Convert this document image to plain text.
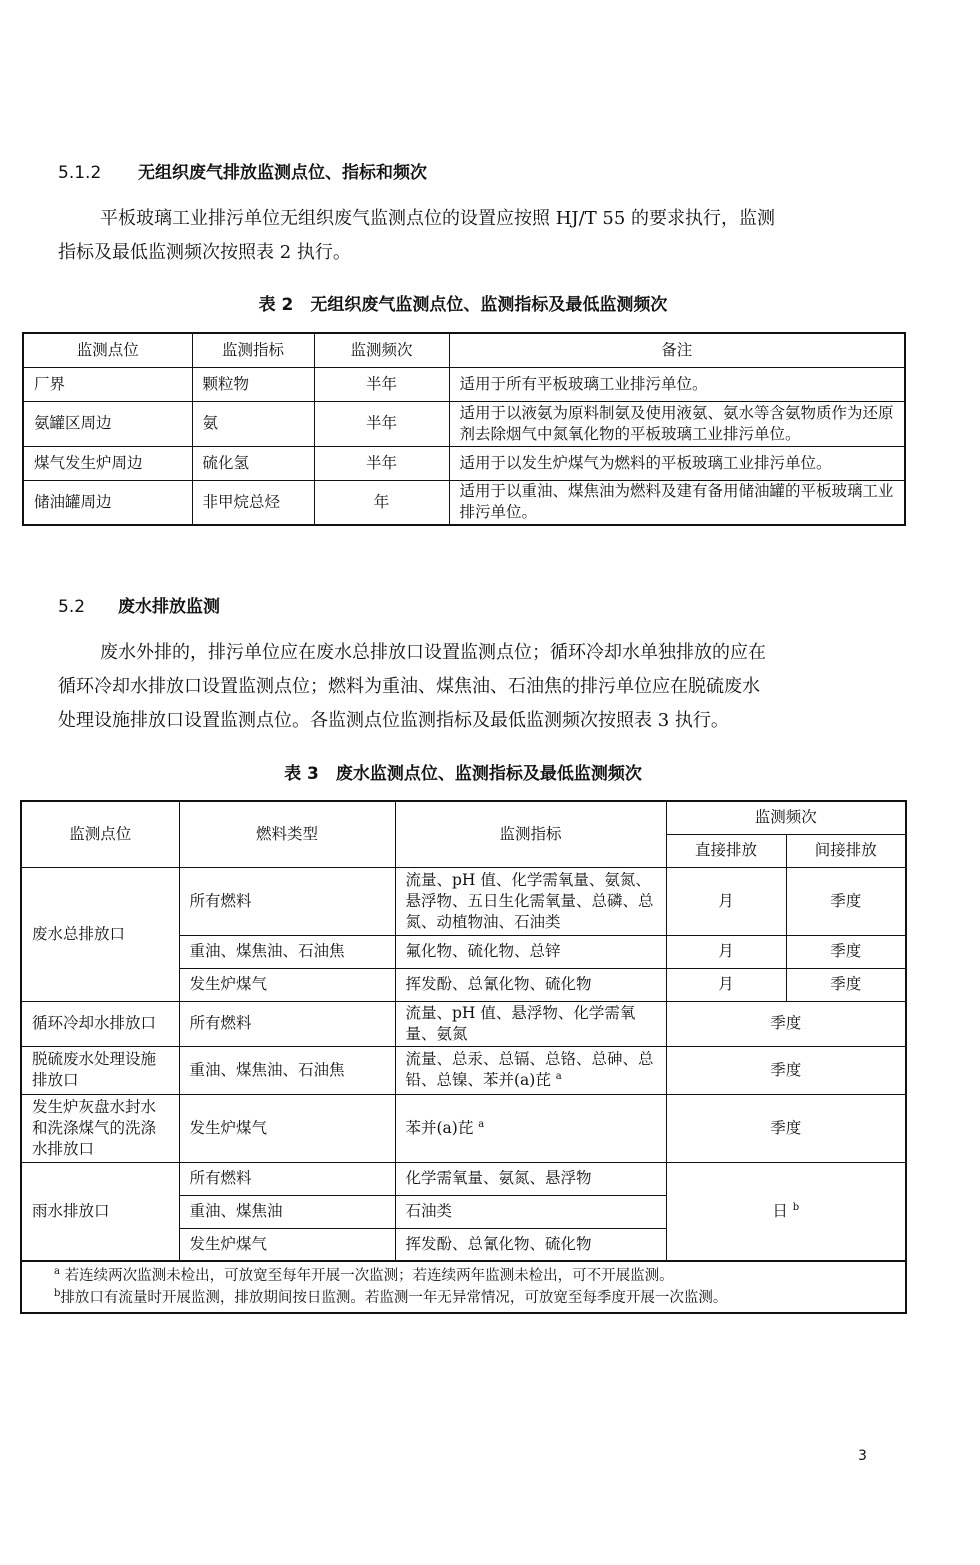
5.1.2 无组织废气排放监测点位、指标和频次

平板玻璃工业排污单位无组织废气监测点位的设置应按照 HJ/T 55 的要求执行，监测

指标及最低监测频次按照表 2 执行。

表 2　无组织废气监测点位、监测指标及最低监测频次
监测点位	监测指标	监测频次	备注
厂界	颗粒物	半年	适用于所有平板玻璃工业排污单位。
氨罐区周边	氨	半年	适用于以液氨为原料制氨及使用液氨、氨水等含氨物质作为还原剂去除烟气中氮氧化物的平板玻璃工业排污单位。
煤气发生炉周边	硫化氢	半年	适用于以发生炉煤气为燃料的平板玻璃工业排污单位。
储油罐周边	非甲烷总烃	年	适用于以重油、煤焦油为燃料及建有备用储油罐的平板玻璃工业排污单位。
5.2 废水排放监测

废水外排的，排污单位应在废水总排放口设置监测点位；循环冷却水单独排放的应在

循环冷却水排放口设置监测点位；燃料为重油、煤焦油、石油焦的排污单位应在脱硫废水

处理设施排放口设置监测点位。各监测点位监测指标及最低监测频次按照表 3 执行。

表 3　废水监测点位、监测指标及最低监测频次
监测点位	燃料类型	监测指标	监测频次	
			直接排放	间接排放
废水总排放口	所有燃料	流量、pH 值、化学需氧量、氨氮、悬浮物、五日生化需氧量、总磷、总氮、动植物油、石油类	月	季度
	重油、煤焦油、石油焦	氟化物、硫化物、总锌	月	季度
	发生炉煤气	挥发酚、总氰化物、硫化物	月	季度
循环冷却水排放口	所有燃料	流量、pH 值、悬浮物、化学需氧量、氨氮	季度	
脱硫废水处理设施排放口	重油、煤焦油、石油焦	流量、总汞、总镉、总铬、总砷、总铅、总镍、苯并(a)芘 $^a$	季度	
发生炉灰盘水封水和洗涤煤气的洗涤水排放口	发生炉煤气	苯并(a)芘 $^a$	季度	
雨水排放口	所有燃料	化学需氧量、氨氮、悬浮物	日 $^b$
	重油、煤焦油	石油类		
	发生炉煤气	挥发酚、总氰化物、硫化物		

$^a$ 若连续两次监测未检出，可放宽至每年开展一次监测；若连续两年监测未检出，可不开展监测。
$^b$排放口有流量时开展监测，排放期间按日监测。若监测一年无异常情况，可放宽至每季度开展一次监测。				
3
